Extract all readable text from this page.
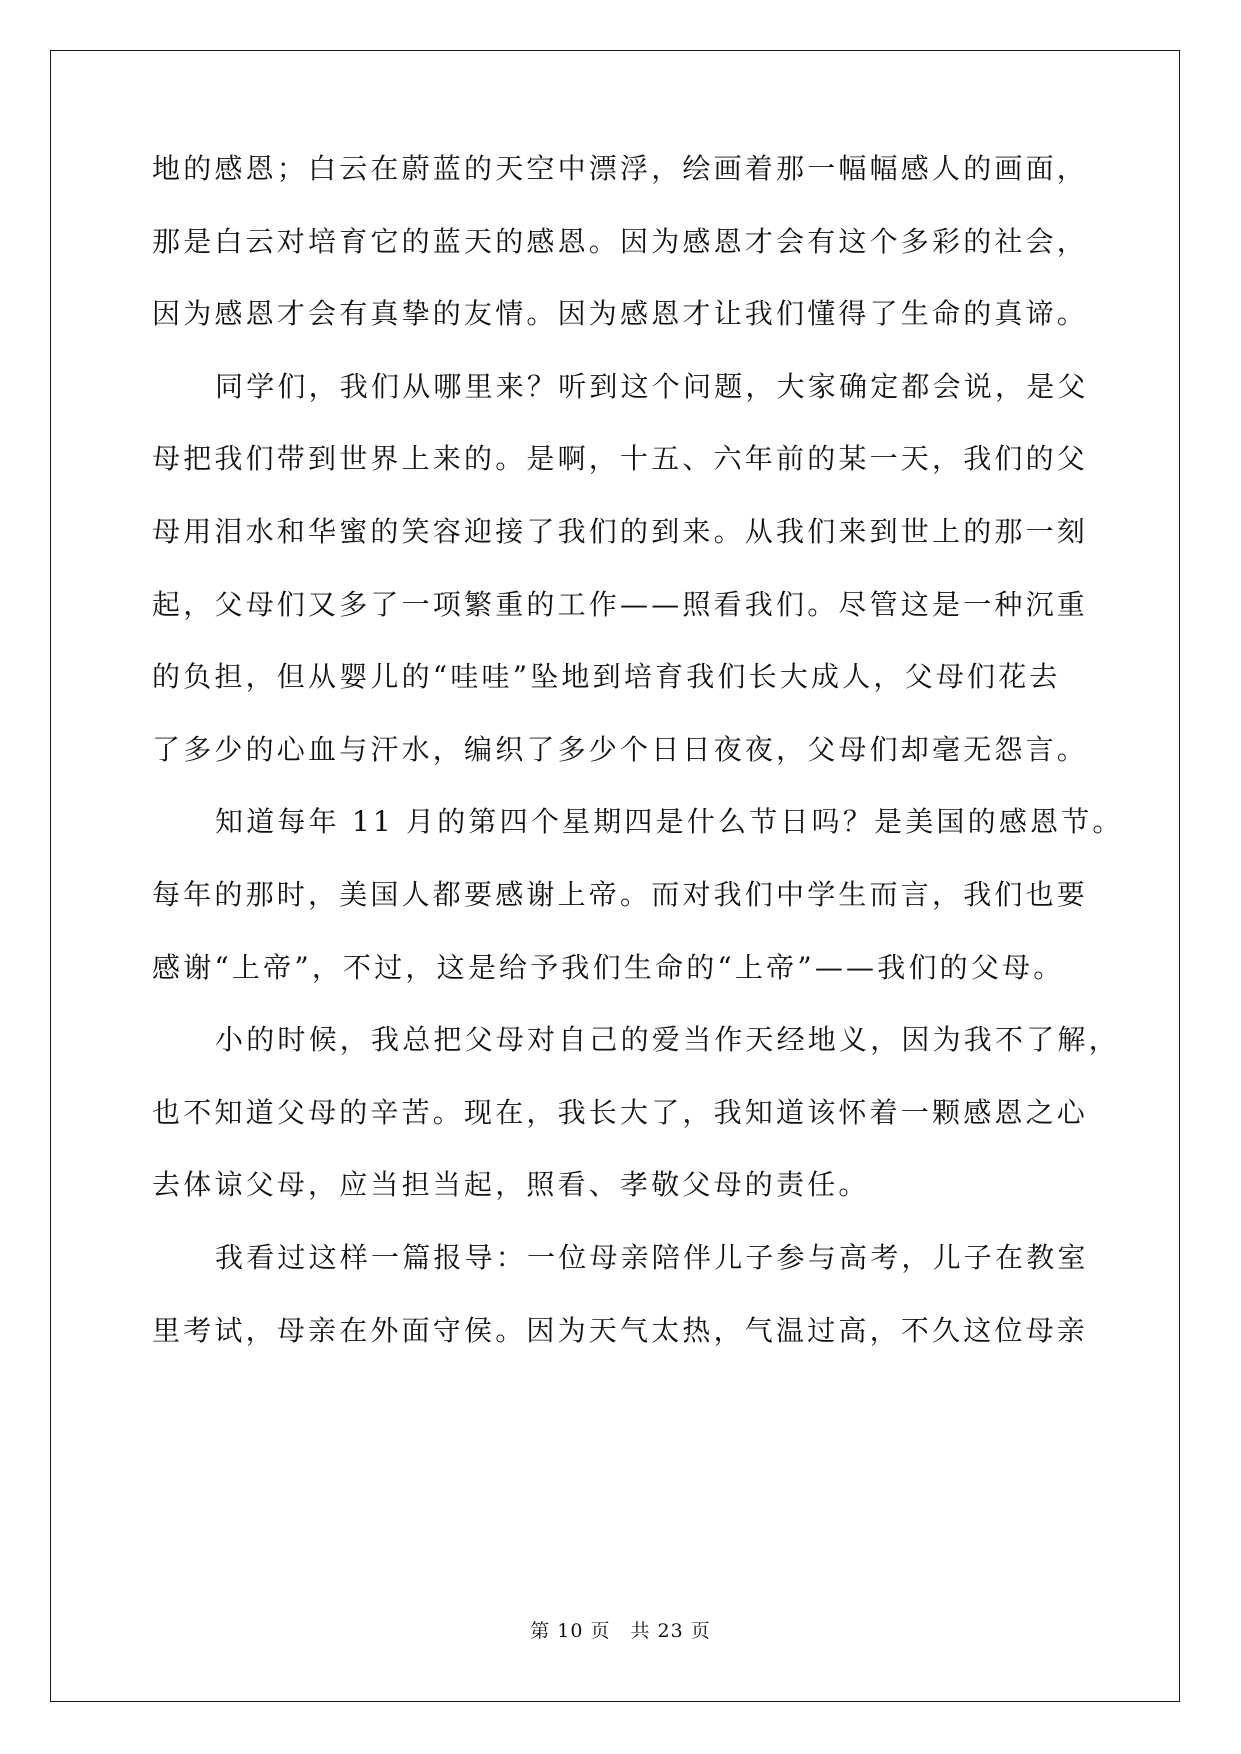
地的感恩；白云在蔚蓝的天空中漂浮，绘画着那一幅幅感人的画面，
那是白云对培育它的蓝天的感恩。因为感恩才会有这个多彩的社会，
因为感恩才会有真挚的友情。因为感恩才让我们懂得了生命的真谛。
同学们，我们从哪里来？听到这个问题，大家确定都会说，是父
母把我们带到世界上来的。是啊，十五、六年前的某一天，我们的父
母用泪水和华蜜的笑容迎接了我们的到来。从我们来到世上的那一刻
起，父母们又多了一项繁重的工作——照看我们。尽管这是一种沉重
的负担，但从婴儿的“哇哇”坠地到培育我们长大成人，父母们花去
了多少的心血与汗水，编织了多少个日日夜夜，父母们却毫无怨言。
知道每年 11 月的第四个星期四是什么节日吗？是美国的感恩节。
每年的那时，美国人都要感谢上帝。而对我们中学生而言，我们也要
感谢“上帝”，不过，这是给予我们生命的“上帝”——我们的父母。
小的时候，我总把父母对自己的爱当作天经地义，因为我不了解，
也不知道父母的辛苦。现在，我长大了，我知道该怀着一颗感恩之心
去体谅父母，应当担当起，照看、孝敬父母的责任。
我看过这样一篇报导：一位母亲陪伴儿子参与高考，儿子在教室
里考试，母亲在外面守侯。因为天气太热，气温过高，不久这位母亲
第 10 页　共 23 页
